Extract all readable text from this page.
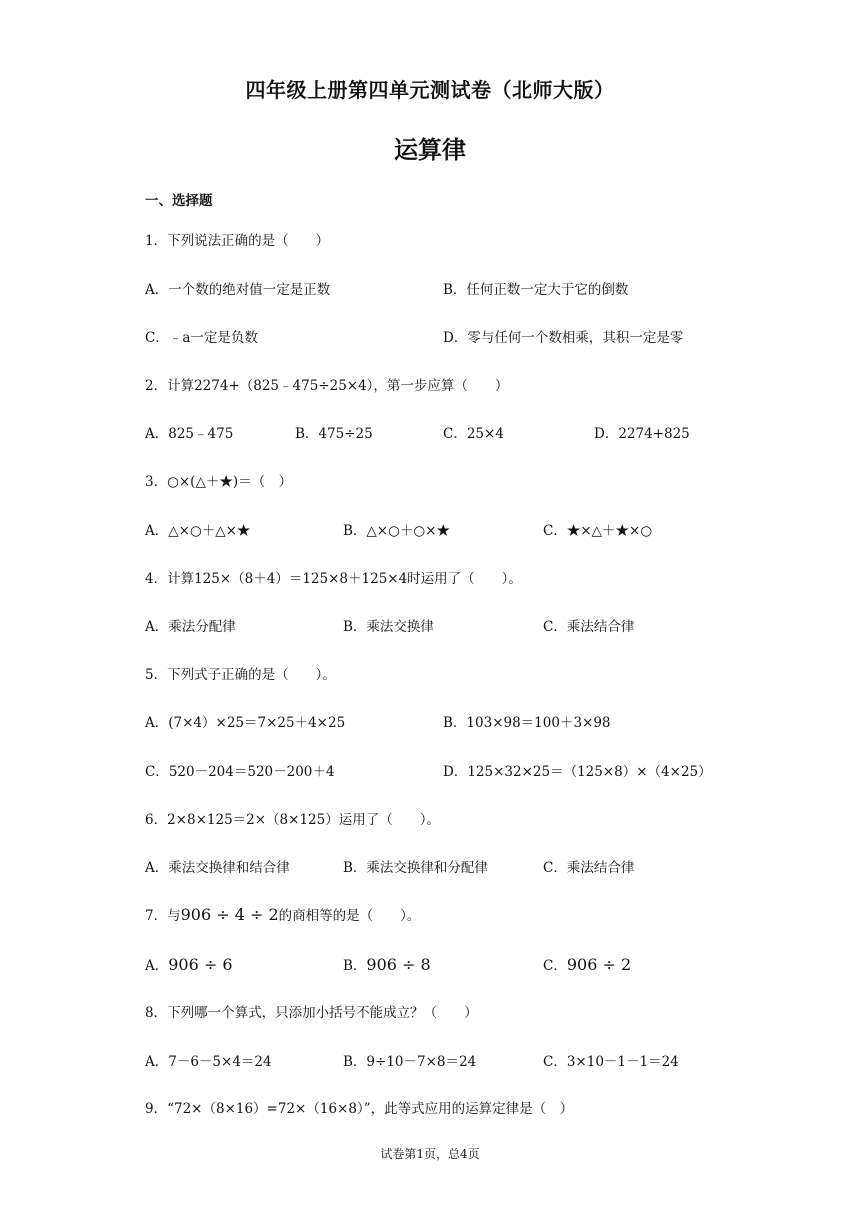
四年级上册第四单元测试卷（北师大版）
运算律
一、选择题
1．下列说法正确的是（　　）
A．一个数的绝对值一定是正数	B．任何正数一定大于它的倒数
C．﹣a一定是负数	D．零与任何一个数相乘，其积一定是零
2．计算2274+（825﹣475÷25×4），第一步应算（　　）
A．825﹣475	B．475÷25	C．25×4	D．2274+825
3．○×(△＋★)＝（　）
A．△×○＋△×★	B．△×○＋○×★	C．★×△＋★×○
4．计算125×（8＋4）＝125×8＋125×4时运用了（　　）。
A．乘法分配律	B．乘法交换律	C．乘法结合律
5．下列式子正确的是（　　）。
A．(7×4）×25＝7×25＋4×25	B．103×98＝100＋3×98
C．520－204＝520－200＋4	D．125×32×25＝（125×8）×（4×25）
6．2×8×125＝2×（8×125）运用了（　　）。
A．乘法交换律和结合律	B．乘法交换律和分配律	C．乘法结合律
7．与906 ÷ 4 ÷ 2的商相等的是（　　）。
A．906 ÷ 6	B．906 ÷ 8	C．906 ÷ 2
8．下列哪一个算式，只添加小括号不能成立？（　　）
A．7－6－5×4＝24	B．9÷10－7×8＝24	C．3×10－1－1＝24
9．“72×（8×16）=72×（16×8）”，此等式应用的运算定律是（　）
试卷第1页，总4页
